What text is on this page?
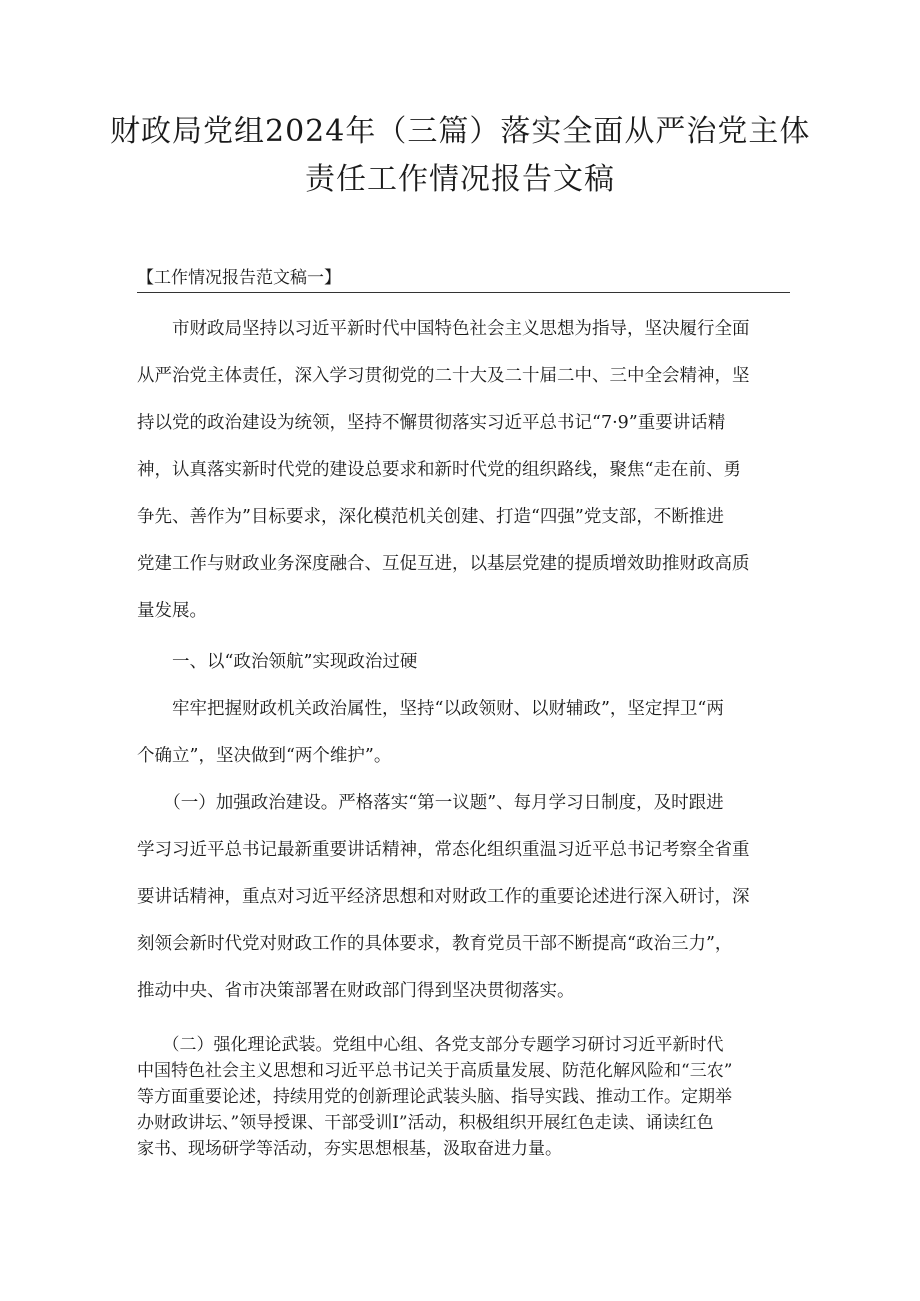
财政局党组2024年（三篇）落实全面从严治党主体
责任工作情况报告文稿
【工作情况报告范文稿一】
　　市财政局坚持以习近平新时代中国特色社会主义思想为指导，坚决履行全面
从严治党主体责任，深入学习贯彻党的二十大及二十届二中、三中全会精神，坚
持以党的政治建设为统领，坚持不懈贯彻落实习近平总书记“7·9”重要讲话精
神，认真落实新时代党的建设总要求和新时代党的组织路线，聚焦“走在前、勇
争先、善作为”目标要求，深化模范机关创建、打造“四强”党支部，不断推进
党建工作与财政业务深度融合、互促互进，以基层党建的提质增效助推财政高质
量发展。
　　一、以“政治领航”实现政治过硬
　　牢牢把握财政机关政治属性，坚持“以政领财、以财辅政”，坚定捍卫“两
个确立”，坚决做到“两个维护”。
　　（一）加强政治建设。严格落实“第一议题”、每月学习日制度，及时跟进
学习习近平总书记最新重要讲话精神，常态化组织重温习近平总书记考察全省重
要讲话精神，重点对习近平经济思想和对财政工作的重要论述进行深入研讨，深
刻领会新时代党对财政工作的具体要求，教育党员干部不断提高“政治三力”，
推动中央、省市决策部署在财政部门得到坚决贯彻落实。
　　（二）强化理论武装。党组中心组、各党支部分专题学习研讨习近平新时代
中国特色社会主义思想和习近平总书记关于高质量发展、防范化解风险和“三农”
等方面重要论述，持续用党的创新理论武装头脑、指导实践、推动工作。定期举
办财政讲坛、”领导授课、干部受训I”活动，积极组织开展红色走读、诵读红色
家书、现场研学等活动，夯实思想根基，汲取奋进力量。
